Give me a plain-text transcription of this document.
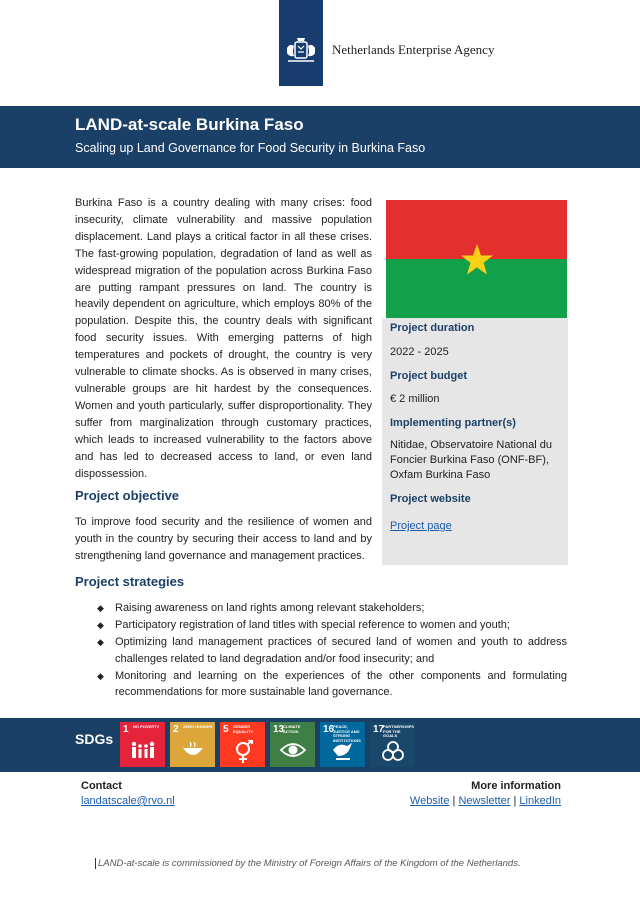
Netherlands Enterprise Agency
LAND-at-scale Burkina Faso
Scaling up Land Governance for Food Security in Burkina Faso

Burkina Faso is a country dealing with many crises: food insecurity, climate vulnerability and massive population displacement. Land plays a critical factor in all these crises. The fast-growing population, degradation of land as well as widespread migration of the population across Burkina Faso are putting rampant pressures on land. The country is heavily dependent on agriculture, which employs 80% of the population. Despite this, the country deals with significant food security issues. With emerging patterns of high temperatures and pockets of drought, the country is very vulnerable to climate shocks. As is observed in many crises, vulnerable groups are hit hardest by the consequences. Women and youth particularly, suffer disproportionality. They suffer from marginalization through customary practices, which leads to increased vulnerability to the factors above and has led to decreased access to land, or even land dispossession.

Project objective

To improve food security and the resilience of women and youth in the country by securing their access to land and by strengthening land governance and management practices.

Project duration
2022 - 2025
Project budget
€ 2 million
Implementing partner(s)
Nitidae, Observatoire National du Foncier Burkina Faso (ONF-BF), Oxfam Burkina Faso
Project website
Project page
Project strategies
◆ Raising awareness on land rights among relevant stakeholders;
◆ Participatory registration of land titles with special reference to women and youth;
◆ Optimizing land management practices of secured land of women and youth to address challenges related to land degradation and/or food insecurity; and
◆ Monitoring and learning on the experiences of the other components and formulating recommendations for more sustainable land governance.
SDGs
1 NO POVERTY	2 ZERO HUNGER 5 GENDER EQUALITY	13
CLIMATE ACTION	16
PEACE, JUSTICE AND STRONG INSTITUTIONS
17
PARTNERSHIPS FOR THE GOALS
Contact
landatscale@rvo.nl
More information
Website | Newsletter | LinkedIn
LAND-at-scale is commissioned by the Ministry of Foreign Affairs of the Kingdom of the Netherlands.
